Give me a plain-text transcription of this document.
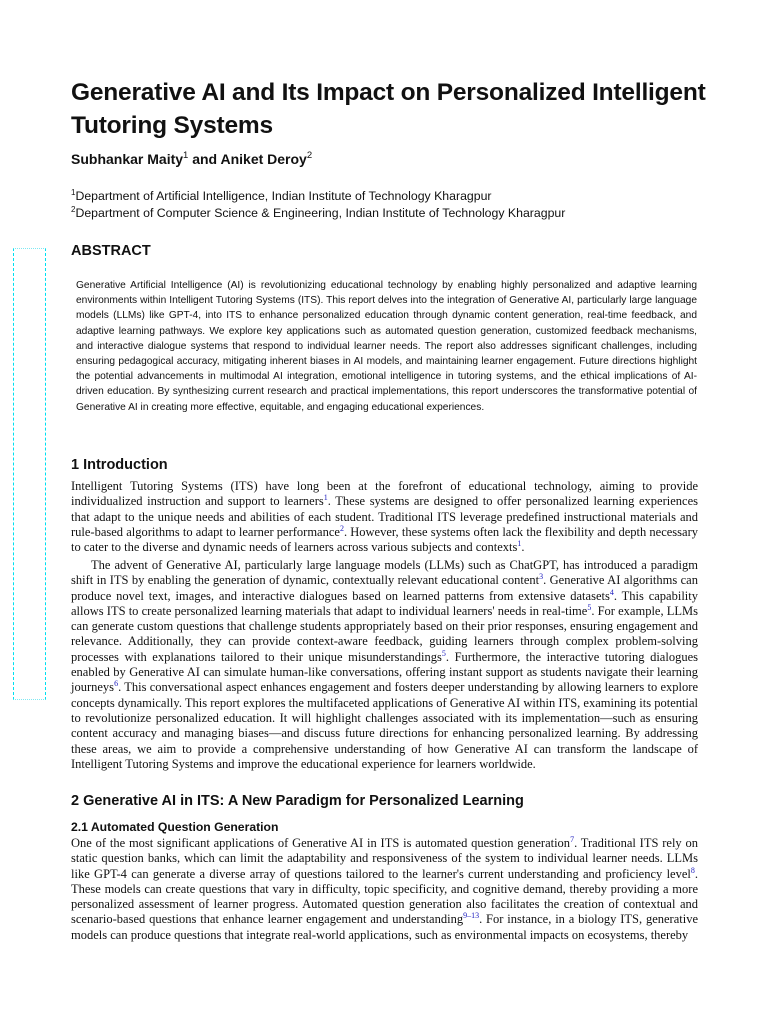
Generative AI and Its Impact on Personalized Intelligent Tutoring Systems
Subhankar Maity$^1$ and Aniket Deroy$^2$
$^1$Department of Artificial Intelligence, Indian Institute of Technology Kharagpur
$^2$Department of Computer Science & Engineering, Indian Institute of Technology Kharagpur
ABSTRACT
Generative Artificial Intelligence (AI) is revolutionizing educational technology by enabling highly personalized and adaptive learning environments within Intelligent Tutoring Systems (ITS). This report delves into the integration of Generative AI, particularly large language models (LLMs) like GPT-4, into ITS to enhance personalized education through dynamic content generation, real-time feedback, and adaptive learning pathways. We explore key applications such as automated question generation, customized feedback mechanisms, and interactive dialogue systems that respond to individual learner needs. The report also addresses significant challenges, including ensuring pedagogical accuracy, mitigating inherent biases in AI models, and maintaining learner engagement. Future directions highlight the potential advancements in multimodal AI integration, emotional intelligence in tutoring systems, and the ethical implications of AI-driven education. By synthesizing current research and practical implementations, this report underscores the transformative potential of Generative AI in creating more effective, equitable, and engaging educational experiences.
1 Introduction
Intelligent Tutoring Systems (ITS) have long been at the forefront of educational technology, aiming to provide individualized instruction and support to learners$^1$. These systems are designed to offer personalized learning experiences that adapt to the unique needs and abilities of each student. Traditional ITS leverage predefined instructional materials and rule-based algorithms to adapt to learner performance$^2$. However, these systems often lack the flexibility and depth necessary to cater to the diverse and dynamic needs of learners across various subjects and contexts$^1$.
The advent of Generative AI, particularly large language models (LLMs) such as ChatGPT, has introduced a paradigm shift in ITS by enabling the generation of dynamic, contextually relevant educational content$^3$. Generative AI algorithms can produce novel text, images, and interactive dialogues based on learned patterns from extensive datasets$^4$. This capability allows ITS to create personalized learning materials that adapt to individual learners' needs in real-time$^5$. For example, LLMs can generate custom questions that challenge students appropriately based on their prior responses, ensuring engagement and relevance. Additionally, they can provide context-aware feedback, guiding learners through complex problem-solving processes with explanations tailored to their unique misunderstandings$^5$. Furthermore, the interactive tutoring dialogues enabled by Generative AI can simulate human-like conversations, offering instant support as students navigate their learning journeys$^6$. This conversational aspect enhances engagement and fosters deeper understanding by allowing learners to explore concepts dynamically. This report explores the multifaceted applications of Generative AI within ITS, examining its potential to revolutionize personalized education. It will highlight challenges associated with its implementation—such as ensuring content accuracy and managing biases—and discuss future directions for enhancing personalized learning. By addressing these areas, we aim to provide a comprehensive understanding of how Generative AI can transform the landscape of Intelligent Tutoring Systems and improve the educational experience for learners worldwide.
2 Generative AI in ITS: A New Paradigm for Personalized Learning
2.1 Automated Question Generation
One of the most significant applications of Generative AI in ITS is automated question generation$^7$. Traditional ITS rely on static question banks, which can limit the adaptability and responsiveness of the system to individual learner needs. LLMs like GPT-4 can generate a diverse array of questions tailored to the learner's current understanding and proficiency level$^8$. These models can create questions that vary in difficulty, topic specificity, and cognitive demand, thereby providing a more personalized assessment of learner progress. Automated question generation also facilitates the creation of contextual and scenario-based questions that enhance learner engagement and understanding$^{9-13}$. For instance, in a biology ITS, generative models can produce questions that integrate real-world applications, such as environmental impacts on ecosystems, thereby
